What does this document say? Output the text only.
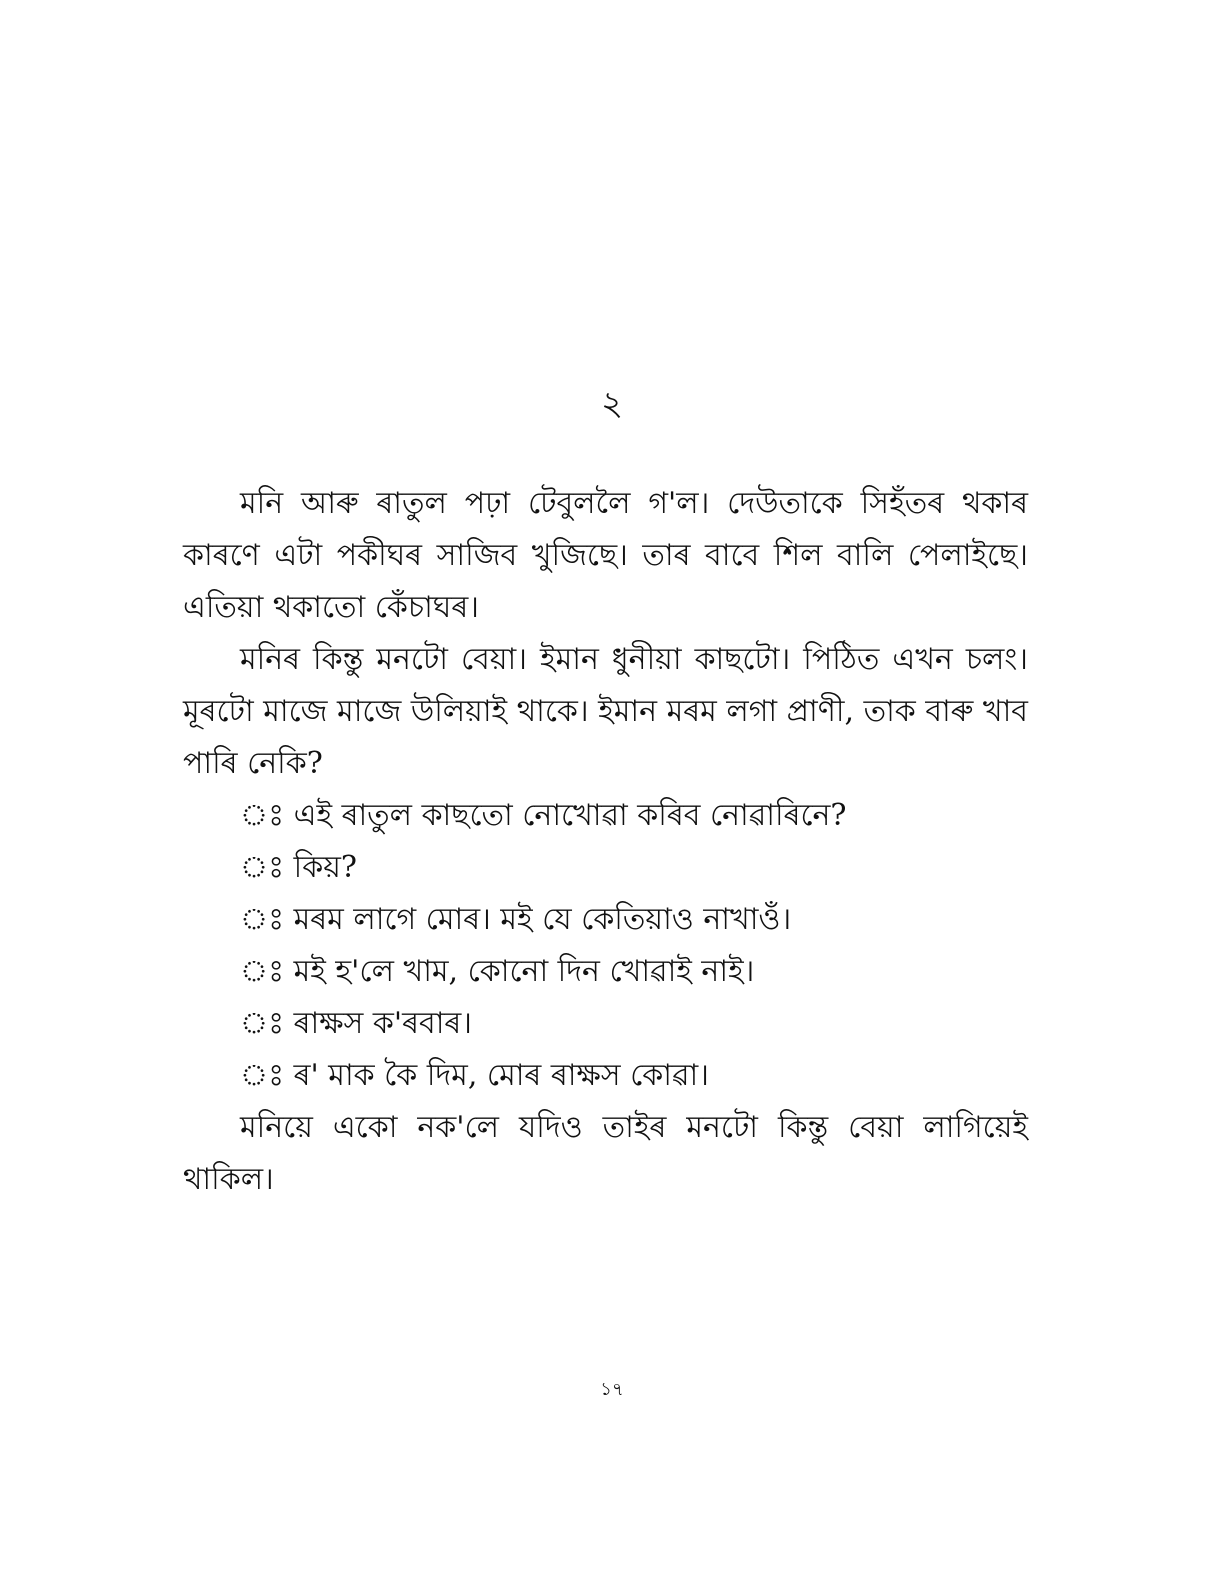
২

মনি আৰু ৰাতুল পঢ়া টেবুললৈ গ'ল। দেউতাকে সিহঁতৰ থকাৰ কাৰণে এটা পকীঘৰ সাজিব খুজিছে। তাৰ বাবে শিল বালি পেলাইছে। এতিয়া থকাতো কেঁচাঘৰ।

মনিৰ কিন্তু মনটো বেয়া। ইমান ধুনীয়া কাছটো। পিঠিত এখন চলং। মূৰটো মাজে মাজে উলিয়াই থাকে। ইমান মৰম লগা প্ৰাণী, তাক বাৰু খাব পাৰি নেকি?

ঃ এই ৰাতুল কাছতো নোখোৱা কৰিব নোৱাৰিনে?

ঃ কিয়?

ঃ মৰম লাগে মোৰ। মই যে কেতিয়াও নাখাওঁ।

ঃ মই হ'লে খাম, কোনো দিন খোৱাই নাই।

ঃ ৰাক্ষস ক'ৰবাৰ।

ঃ ৰ' মাক কৈ দিম, মোৰ ৰাক্ষস কোৱা।

মনিয়ে একো নক'লে যদিও তাইৰ মনটো কিন্তু বেয়া লাগিয়েই থাকিল।

১৭
